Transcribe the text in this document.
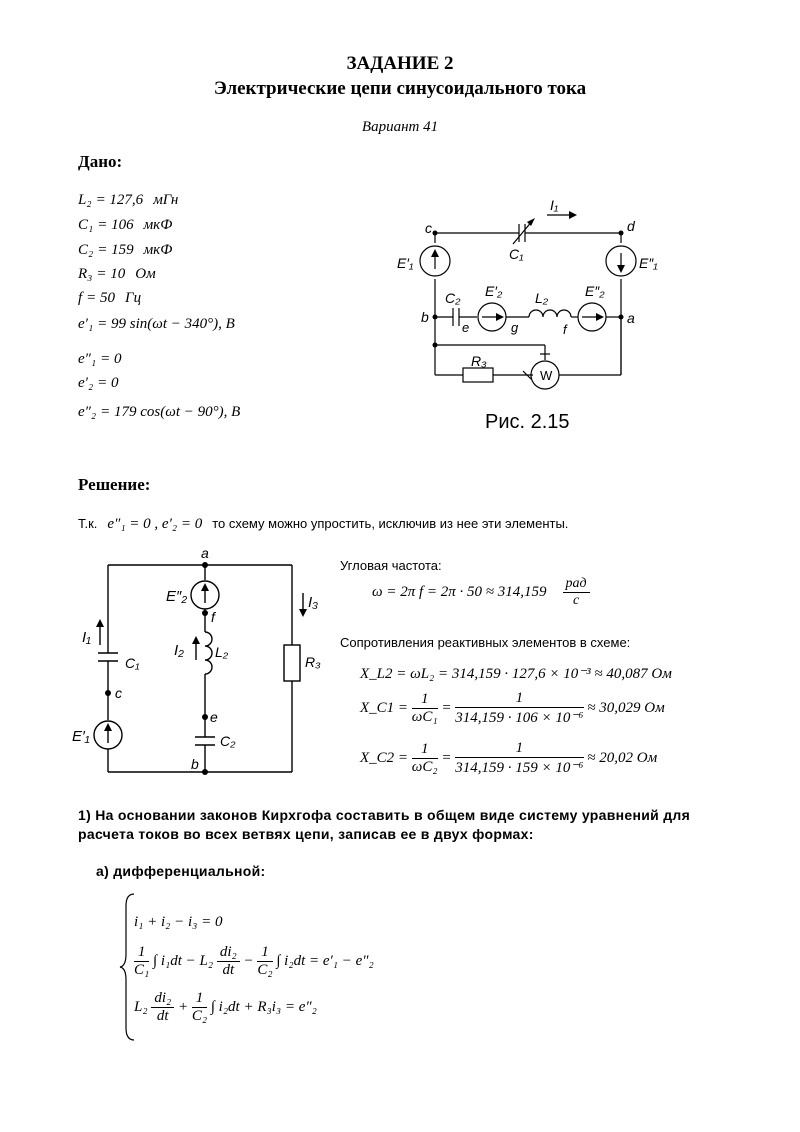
ЗАДАНИЕ 2
Электрические цепи синусоидального тока
Вариант 41
Дано:
L₂ = 127,6 мГн
C₁ = 106 мкФ
C₂ = 159 мкФ
R₃ = 10 Ом
f = 50 Гц
e′₁ = 99 sin(ωt − 340°), В
e″₁ = 0
e′₂ = 0
e″₂ = 179 cos(ωt − 90°), В
c	d
b	a
e	g	f
C₁
C₂	L₂
R₃
W
E′₁	E″₁
E′₂	E″₂
I₁
Рис. 2.15
Решение:
Т.к. e″₁ = 0 , e′₂ = 0 то схему можно упростить, исключив из нее эти элементы.
a
b
c
e
f
C₁
C₂
L₂
R₃
E′₁
E″₂
I₁
I₂
I₃
Угловая частота:
ω = 2π $f = 2\pi \cdot 50 \approx 314,159 \frac{\text{рад}}{с}$
Сопротивления реактивных элементов в схеме:
X_L2 = ωL₂ = 314,159 · 127,6 × 10⁻³ ≈ 40,087 Ом
X_C1 = $\frac{1}{\text{ωC₁}} = \frac{1}{\text{314,159 · 106 × 10⁻⁶}} \approx 30,029$ Ом
X_C2 = $\frac{1}{\text{ωC₂}} = \frac{1}{\text{314,159 · 159 × 10⁻⁶}} \approx 20,02$ Ом
1) На основании законов Кирхгофа составить в общем виде систему уравнений для расчета токов во всех ветвях цепи, записав ее в двух формах:
а) дифференциальной:
i₁ + i₂ − i₃ = 0
$\frac{1}{\text{C₁}}$ ∫ $i_1dt - L_2 \frac{\text{di₂}}{dt} - \frac{1}{\text{C₂}}$ ∫ i₂dt = e′₁ − e″₂
$L_2 \frac{\text{di₂}}{dt} + \frac{1}{\text{C₂}}$ ∫ i₂dt + R₃i₃ = e″₂
